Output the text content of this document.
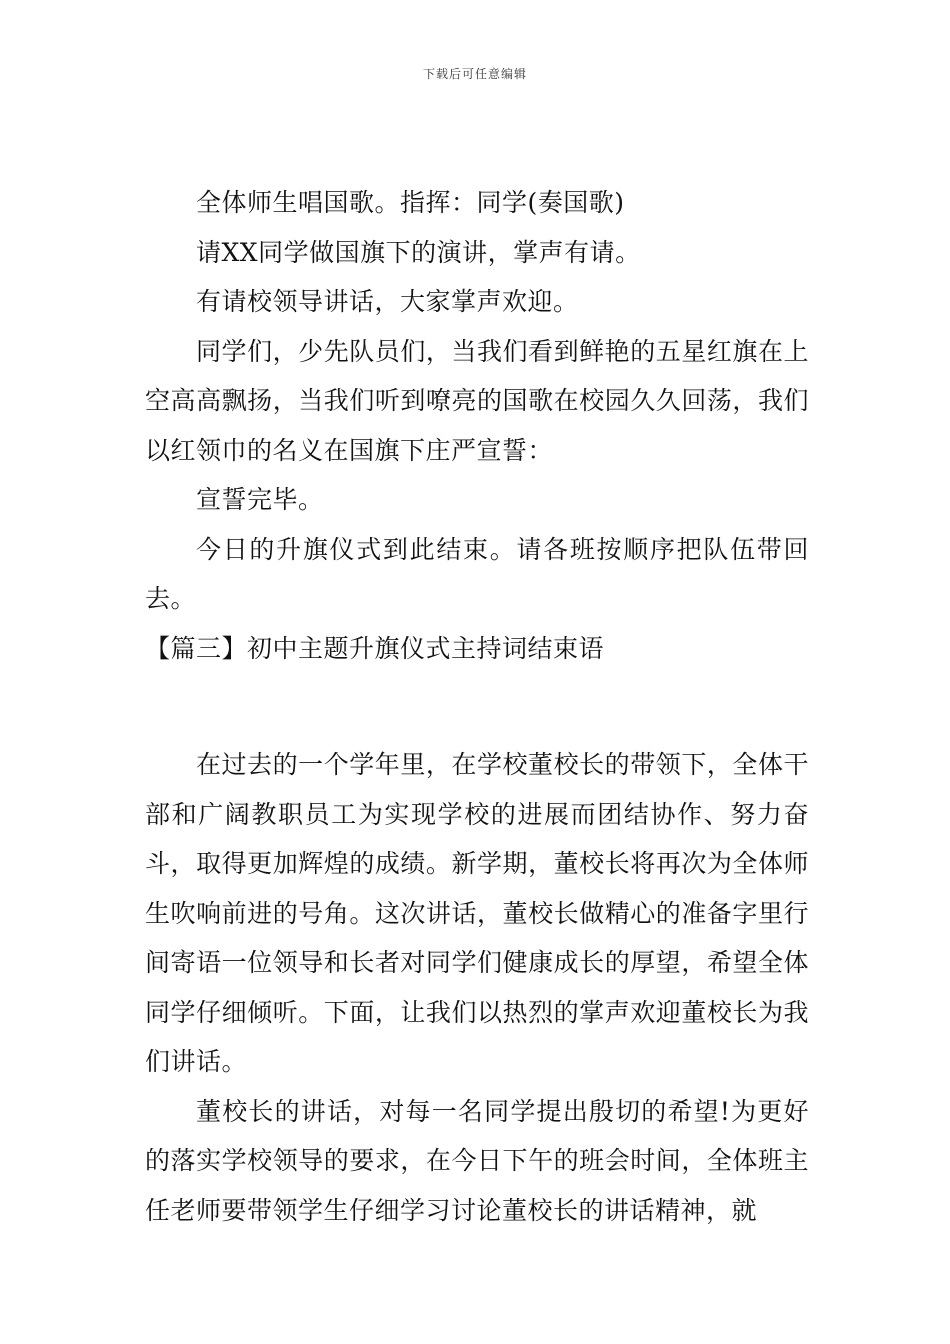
下载后可任意编辑

全体师生唱国歌。指挥：同学(奏国歌)

请XX同学做国旗下的演讲，掌声有请。

有请校领导讲话，大家掌声欢迎。

同学们，少先队员们，当我们看到鲜艳的五星红旗在上空高高飘扬，当我们听到嘹亮的国歌在校园久久回荡，我们以红领巾的名义在国旗下庄严宣誓：

宣誓完毕。

今日的升旗仪式到此结束。请各班按顺序把队伍带回去。

【篇三】初中主题升旗仪式主持词结束语

在过去的一个学年里，在学校董校长的带领下，全体干部和广阔教职员工为实现学校的进展而团结协作、努力奋斗，取得更加辉煌的成绩。新学期，董校长将再次为全体师生吹响前进的号角。这次讲话，董校长做精心的准备字里行间寄语一位领导和长者对同学们健康成长的厚望，希望全体同学仔细倾听。下面，让我们以热烈的掌声欢迎董校长为我们讲话。

董校长的讲话，对每一名同学提出殷切的希望!为更好的落实学校领导的要求，在今日下午的班会时间，全体班主任老师要带领学生仔细学习讨论董校长的讲话精神，就
